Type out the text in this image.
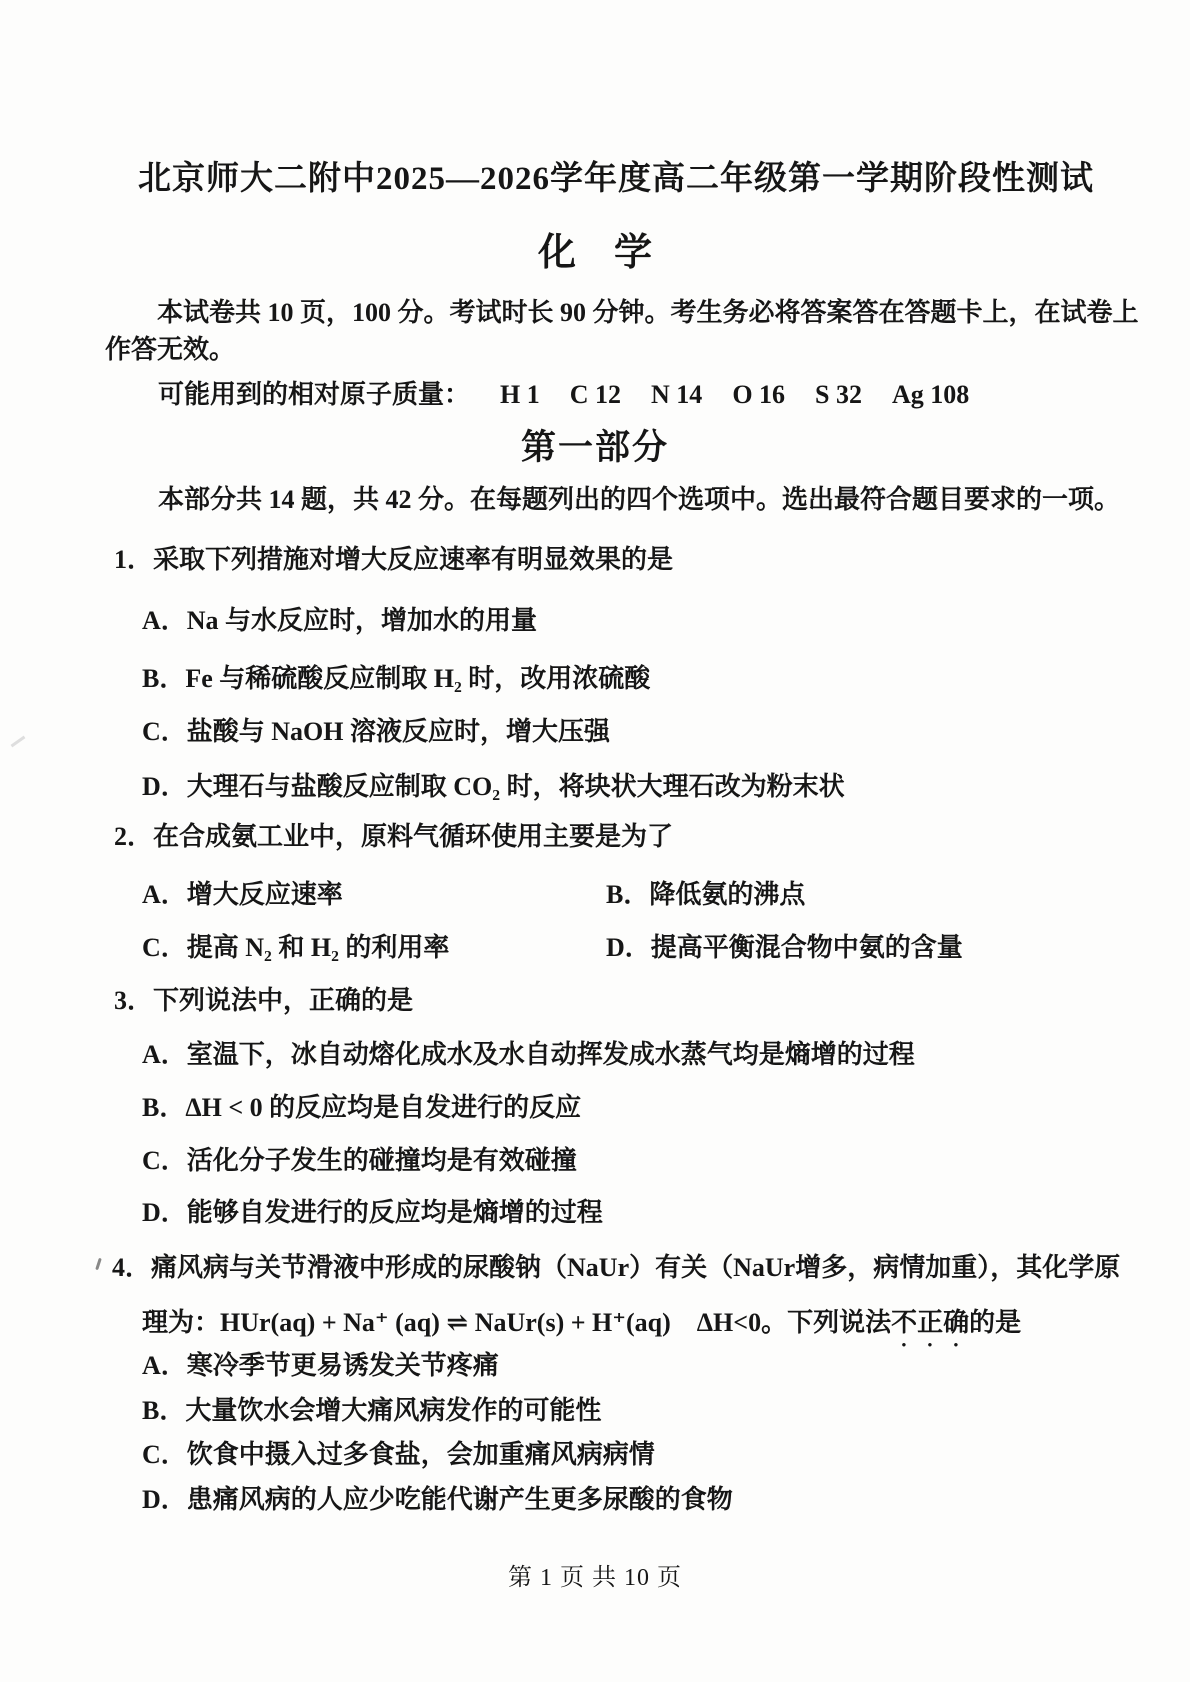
北京师大二附中2025—2026学年度高二年级第一学期阶段性测试
化　学
本试卷共 10 页，100 分。考试时长 90 分钟。考生务必将答案答在答题卡上，在试卷上
作答无效。
可能用到的相对原子质量： H 1 C 12 N 14 O 16 S 32 Ag 108
第一部分
本部分共 14 题，共 42 分。在每题列出的四个选项中。选出最符合题目要求的一项。
1．采取下列措施对增大反应速率有明显效果的是
A．Na 与水反应时，增加水的用量
B．Fe 与稀硫酸反应制取 H₂ 时，改用浓硫酸
C．盐酸与 NaOH 溶液反应时，增大压强
D．大理石与盐酸反应制取 CO₂ 时，将块状大理石改为粉末状
2．在合成氨工业中，原料气循环使用主要是为了
A．增大反应速率	B．降低氨的沸点
C．提高 N₂ 和 H₂ 的利用率	D．提高平衡混合物中氨的含量
3．下列说法中，正确的是
A．室温下，冰自动熔化成水及水自动挥发成水蒸气均是熵增的过程
B．ΔH < 0 的反应均是自发进行的反应
C．活化分子发生的碰撞均是有效碰撞
D．能够自发进行的反应均是熵增的过程
4．痛风病与关节滑液中形成的尿酸钠（NaUr）有关（NaUr增多，病情加重），其化学原
理为：HUr(aq) + Na⁺ (aq) ⇌ NaUr(s) + H⁺(aq)　ΔH<0。下列说法不正确的是
A．寒冷季节更易诱发关节疼痛
B．大量饮水会增大痛风病发作的可能性
C．饮食中摄入过多食盐，会加重痛风病病情
D．患痛风病的人应少吃能代谢产生更多尿酸的食物
第 1 页 共 10 页
